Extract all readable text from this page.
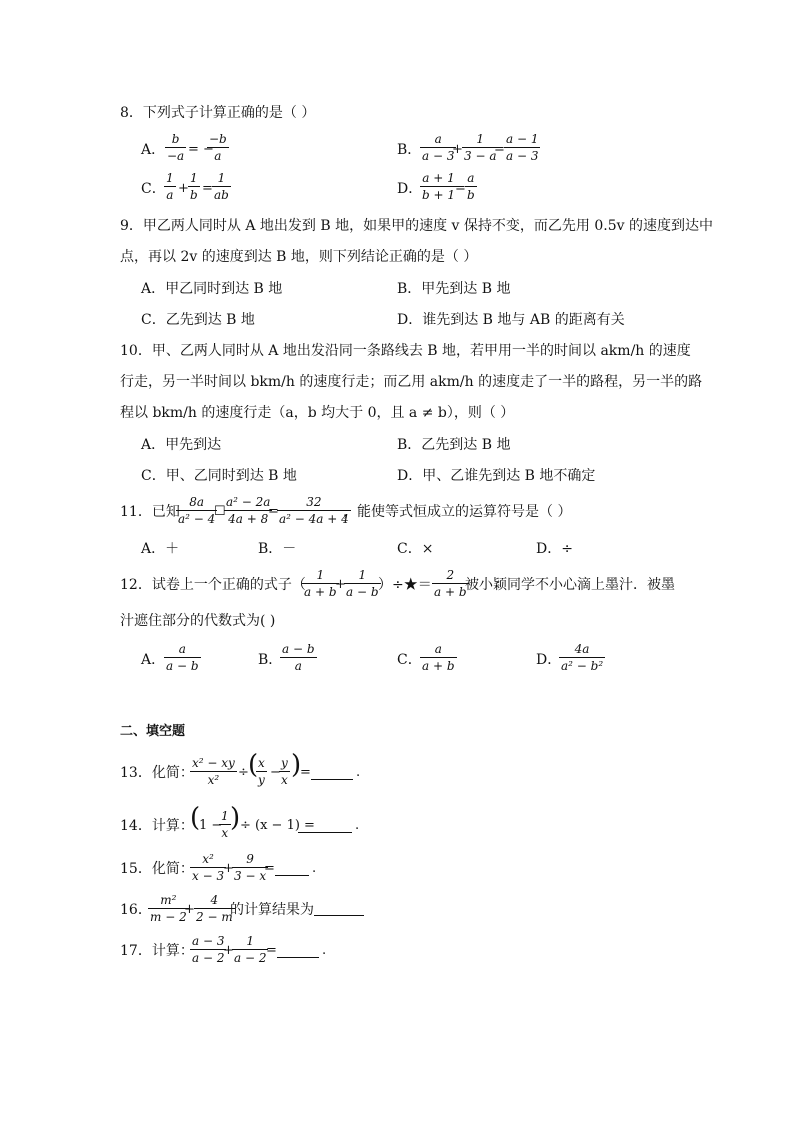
8．下列式子计算正确的是（ ）
A． $\frac{b}{-a}$ = −
$\frac{-b}{a}$	B．
$\frac{a}{a - 3}$
+ $\frac{1}{3 - a}$
= $\frac{a - 1}{a - 3}$
C．
$\frac{1}{a} + \frac{1}{b} = \frac{1}{ab}$	D．
$\frac{a + 1}{b + 1}$
= $\frac{a}{b}$
9．甲乙两人同时从 A 地出发到 B 地，如果甲的速度 v 保持不变，而乙先用 0.5v 的速度到达中
点，再以 2v 的速度到达 B 地，则下列结论正确的是（ ）
A．甲乙同时到达 B 地	B．甲先到达 B 地
C．乙先到达 B 地	D．谁先到达 B 地与 AB 的距离有关
10．甲、乙两人同时从 A 地出发沿同一条路线去 B 地，若甲用一半的时间以 akm/h 的速度
行走，另一半时间以 bkm/h 的速度行走；而乙用 akm/h 的速度走了一半的路程，另一半的路
程以 bkm/h 的速度行走（a，b 均大于 0，且 a ≠ b），则（ ）
A．甲先到达	B．乙先到达 B 地
C．甲、乙同时到达 B 地	D．甲、乙谁先到达 B 地不确定
11．已知
$\frac{8a}{\text{a² − 4}}$
☐
$\frac{\text{a² − 2a}}{4a + 8}$
=
$\frac{32}{\text{a² − 4a + 4}}$
，能使等式恒成立的运算符号是（ ）
A．＋	B．－	C．×	D．÷
12．试卷上一个正确的式子（
$\frac{1}{a + b}$
+
$\frac{1}{a - b}$
）÷★＝ $\frac{2}{a + b}$
被小颖同学不小心滴上墨汁．被墨
汁遮住部分的代数式为( )
A．
$\frac{a}{a - b}$	B．
$\frac{a - b}{a}$	C．
$\frac{a}{a + b}$	D．
$\frac{4a}{\text{a² − b²}}$
二、填空题
13．化简：
$\frac{\text{x² − xy}}{\text{x²}}$ ÷ (
$\frac{x}{y}$ −
$\frac{y}{x}$ )
=	.
14．计算：
(
1 −
$\frac{1}{x}$ ) ÷ (x − 1) =	.
15．化简：
$\frac{\text{x²}}{x - 3}$
+
$\frac{9}{3 - x}$
=	.
16．
$\frac{\text{m²}}{m - 2}$
+ $\frac{4}{2 - m}$
的计算结果为
17．计算：
$\frac{a - 3}{a - 2}$
+
$\frac{1}{a - 2}$
=	.
